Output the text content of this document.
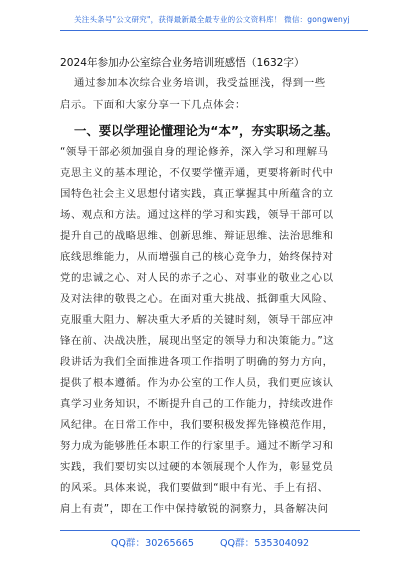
关注头条号"公文研究"，获得最新最全最专业的公文资料库！ 微信：gongwenyj
2024年参加办公室综合业务培训班感悟（1632字）
通过参加本次综合业务培训，我受益匪浅，得到一些
启示。下面和大家分享一下几点体会：
一、要以学理论懂理论为“本”，夯实职场之基。
“领导干部必须加强自身的理论修养，深入学习和理解马
克思主义的基本理论，不仅要学懂弄通，更要将新时代中
国特色社会主义思想付诸实践，真正掌握其中所蕴含的立
场、观点和方法。通过这样的学习和实践，领导干部可以
提升自己的战略思维、创新思维、辩证思维、法治思维和
底线思维能力，从而增强自己的核心竞争力，始终保持对
党的忠诚之心、对人民的赤子之心、对事业的敬业之心以
及对法律的敬畏之心。在面对重大挑战、抵御重大风险、
克服重大阻力、解决重大矛盾的关键时刻，领导干部应冲
锋在前、决战决胜，展现出坚定的领导力和决策能力。”这
段讲话为我们全面推进各项工作指明了明确的努力方向，
提供了根本遵循。作为办公室的工作人员，我们更应该认
真学习业务知识，不断提升自己的工作能力，持续改进作
风纪律。在日常工作中，我们要积极发挥先锋模范作用，
努力成为能够胜任本职工作的行家里手。通过不断学习和
实践，我们要切实以过硬的本领展现个人作为，彰显党员
的风采。具体来说，我们要做到“眼中有光、手上有招、
肩上有责”，即在工作中保持敏锐的洞察力，具备解决问
QQ群：30265665	QQ群：535304092
